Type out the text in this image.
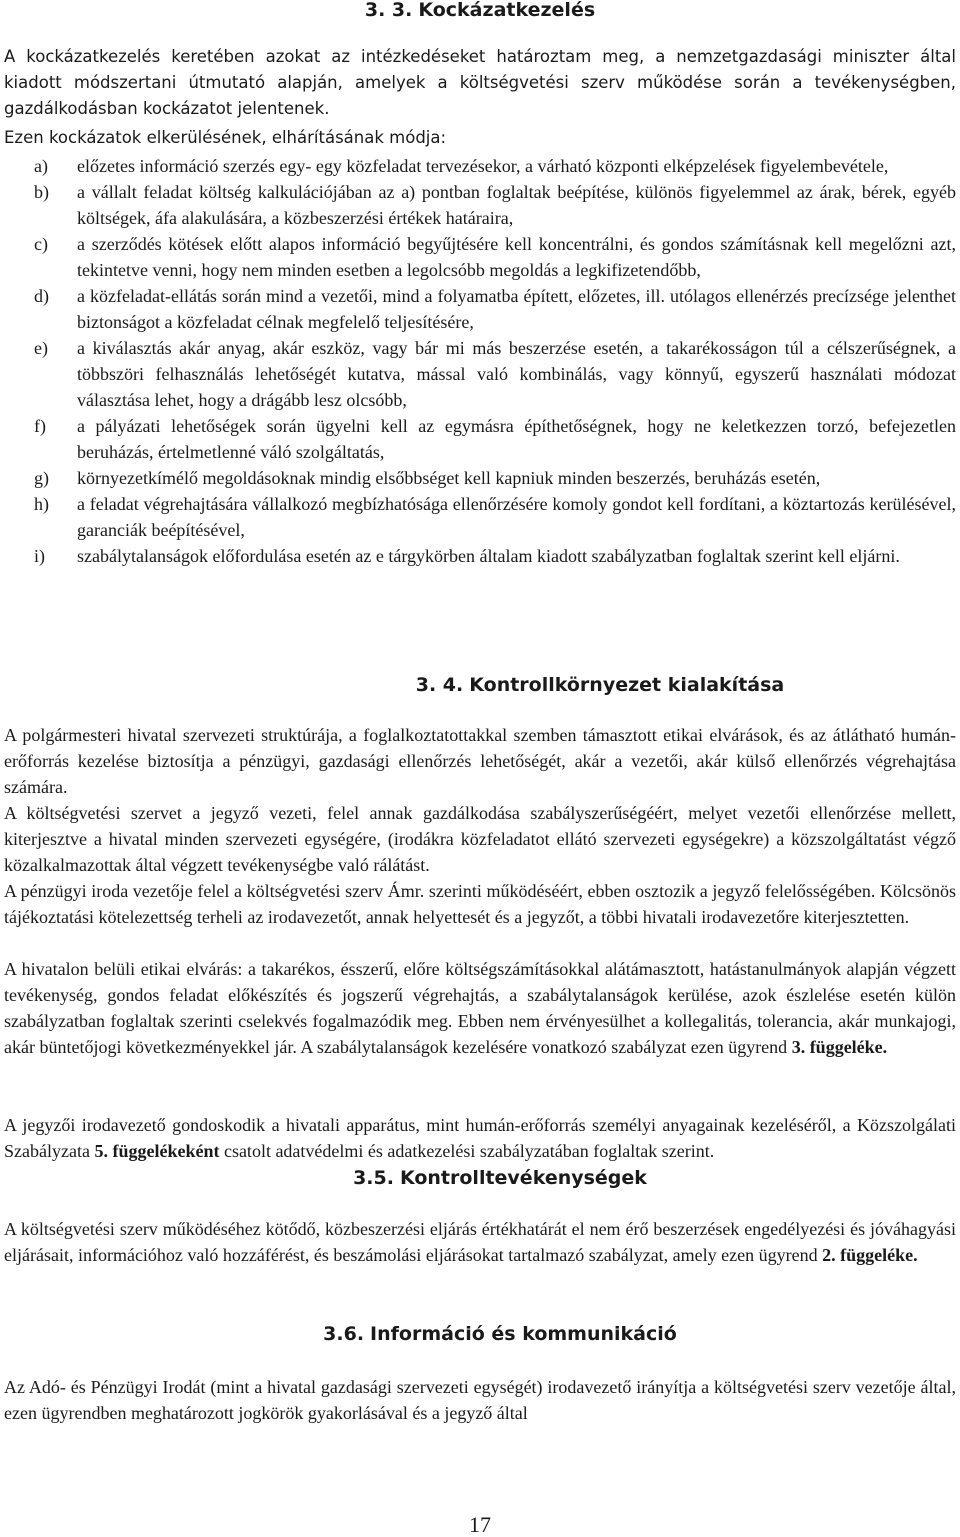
3. 3. Kockázatkezelés
A kockázatkezelés keretében azokat az intézkedéseket határoztam meg, a nemzetgazdasági miniszter által kiadott módszertani útmutató alapján, amelyek a költségvetési szerv működése során a tevékenységben, gazdálkodásban kockázatot jelentenek.
Ezen kockázatok elkerülésének, elhárításának módja:
a) előzetes információ szerzés egy- egy közfeladat tervezésekor, a várható központi elképzelések figyelembevétele,
b) a vállalt feladat költség kalkulációjában az a) pontban foglaltak beépítése, különös figyelemmel az árak, bérek, egyéb költségek, áfa alakulására, a közbeszerzési értékek határaira,
c) a szerződés kötések előtt alapos információ begyűjtésére kell koncentrálni, és gondos számításnak kell megelőzni azt, tekintetve venni, hogy nem minden esetben a legolcsóbb megoldás a legkifizetendőbb,
d) a közfeladat-ellátás során mind a vezetői, mind a folyamatba épített, előzetes, ill. utólagos ellenérzés precízsége jelenthet biztonságot a közfeladat célnak megfelelő teljesítésére,
e) a kiválasztás akár anyag, akár eszköz, vagy bár mi más beszerzése esetén, a takarékosságon túl a célszerűségnek, a többszöri felhasználás lehetőségét kutatva, mással való kombinálás, vagy könnyű, egyszerű használati módozat választása lehet, hogy a drágább lesz olcsóbb,
f) a pályázati lehetőségek során ügyelni kell az egymásra építhetőségnek, hogy ne keletkezzen torzó, befejezetlen beruházás, értelmetlenné váló szolgáltatás,
g) környezetkímélő megoldásoknak mindig elsőbbséget kell kapniuk minden beszerzés, beruházás esetén,
h) a feladat végrehajtására vállalkozó megbízhatósága ellenőrzésére komoly gondot kell fordítani, a köztartozás kerülésével, garanciák beépítésével,
i) szabálytalanságok előfordulása esetén az e tárgykörben általam kiadott szabályzatban foglaltak szerint kell eljárni.
3. 4. Kontrollkörnyezet kialakítása
A polgármesteri hivatal szervezeti struktúrája, a foglalkoztatottakkal szemben támasztott etikai elvárások, és az átlátható humán-erőforrás kezelése biztosítja a pénzügyi, gazdasági ellenőrzés lehetőségét, akár a vezetői, akár külső ellenőrzés végrehajtása számára.
A költségvetési szervet a jegyző vezeti, felel annak gazdálkodása szabályszerűségéért, melyet vezetői ellenőrzése mellett, kiterjesztve a hivatal minden szervezeti egységére, (irodákra közfeladatot ellátó szervezeti egységekre) a közszolgáltatást végző közalkalmazottak által végzett tevékenységbe való rálátást.
A pénzügyi iroda vezetője felel a költségvetési szerv Ámr. szerinti működéséért, ebben osztozik a jegyző felelősségében. Kölcsönös tájékoztatási kötelezettség terheli az irodavezetőt, annak helyettesét és a jegyzőt, a többi hivatali irodavezetőre kiterjesztetten.
A hivatalon belüli etikai elvárás: a takarékos, ésszerű, előre költségszámításokkal alátámasztott, hatástanulmányok alapján végzett tevékenység, gondos feladat előkészítés és jogszerű végrehajtás, a szabálytalanságok kerülése, azok észlelése esetén külön szabályzatban foglaltak szerinti cselekvés fogalmazódik meg. Ebben nem érvényesülhet a kollegalitás, tolerancia, akár munkajogi, akár büntetőjogi következményekkel jár. A szabálytalanságok kezelésére vonatkozó szabályzat ezen ügyrend 3. függeléke.
A jegyzői irodavezető gondoskodik a hivatali apparátus, mint humán-erőforrás személyi anyagainak kezeléséről, a Közszolgálati Szabályzata 5. függelékeként csatolt adatvédelmi és adatkezelési szabályzatában foglaltak szerint.
3.5. Kontrolltevékenységek
A költségvetési szerv működéséhez kötődő, közbeszerzési eljárás értékhatárát el nem érő beszerzések engedélyezési és jóváhagyási eljárásait, információhoz való hozzáférést, és beszámolási eljárásokat tartalmazó szabályzat, amely ezen ügyrend 2. függeléke.
3.6. Információ és kommunikáció
Az Adó- és Pénzügyi Irodát (mint a hivatal gazdasági szervezeti egységét) irodavezető irányítja a költségvetési szerv vezetője által, ezen ügyrendben meghatározott jogkörök gyakorlásával és a jegyző által
17
